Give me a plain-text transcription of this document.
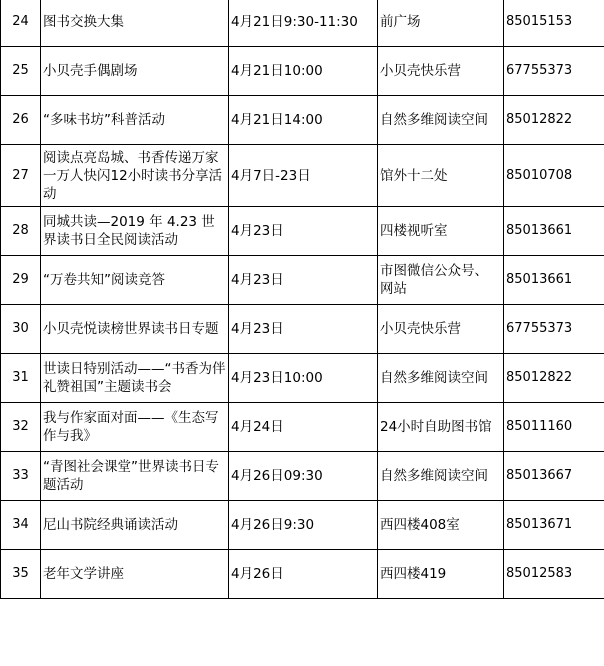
24	图书交换大集	4月21日9:30-11:30	前广场	85015153
25	小贝壳手偶剧场	4月21日10:00	小贝壳快乐营	67755373
26	“多味书坊”科普活动	4月21日14:00	自然多维阅读空间	85012822
27	阅读点亮岛城、书香传递万家一万人快闪12小时读书分享活动	4月7日-23日	馆外十二处	85010708
28	同城共读—2019 年 4.23 世界读书日全民阅读活动	4月23日	四楼视听室	85013661
29	“万卷共知”阅读竞答	4月23日	市图微信公众号、网站	85013661
30	小贝壳悦读榜世界读书日专题	4月23日	小贝壳快乐营	67755373
31	世读日特别活动——“书香为伴 礼赞祖国”主题读书会	4月23日10:00	自然多维阅读空间	85012822
32	我与作家面对面——《生态写作与我》	4月24日	24小时自助图书馆	85011160
33	“青图社会课堂”世界读书日专题活动	4月26日09:30	自然多维阅读空间	85013667
34	尼山书院经典诵读活动	4月26日9:30	西四楼408室	85013671
35	老年文学讲座	4月26日	西四楼419	85012583
